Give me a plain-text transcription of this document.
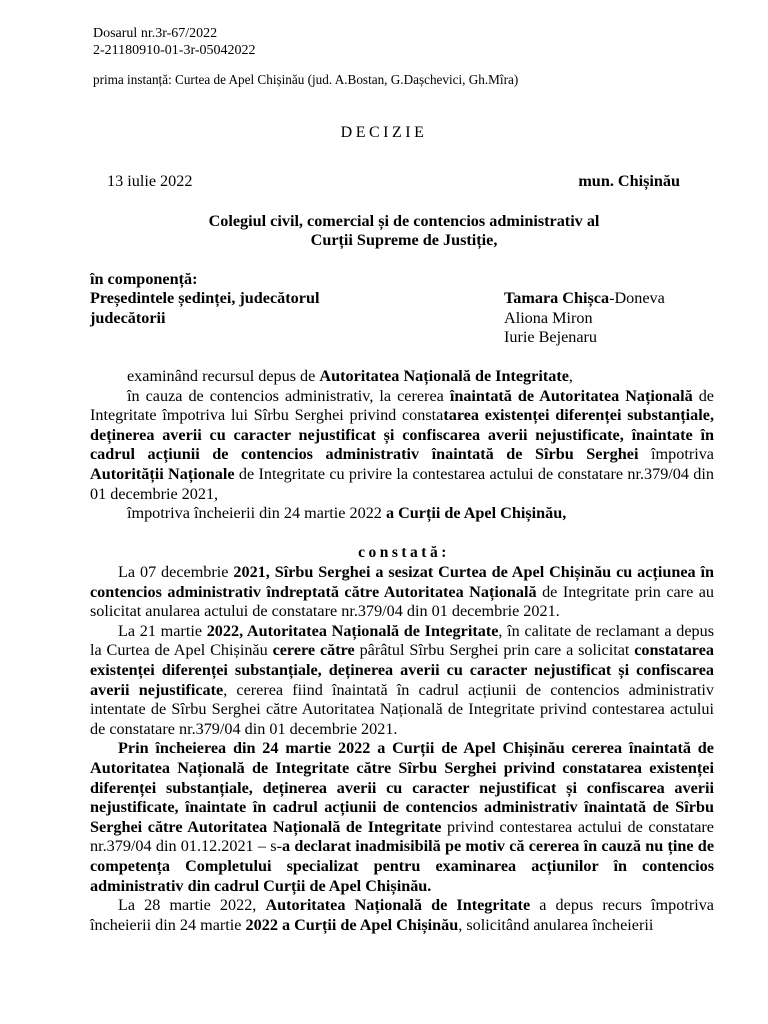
Dosarul nr.3r-67/2022
2-21180910-01-3r-05042022
prima instanță: Curtea de Apel Chișinău (jud. A.Bostan, G.Dașchevici, Gh.Mîra)
DECIZIE
13 iulie 2022	mun. Chișinău
Colegiul civil, comercial și de contencios administrativ al
Curții Supreme de Justiție,
în componență:
Președintele ședinței, judecătorul	Tamara Chișca-Doneva
judecătorii	Aliona Miron
Iurie Bejenaru

examinând recursul depus de Autoritatea Națională de Integritate,

în cauza de contencios administrativ, la cererea înaintată de Autoritatea Națională de Integritate împotriva lui Sîrbu Serghei privind constatarea existenței diferenței substanțiale, deținerea averii cu caracter nejustificat și confiscarea averii nejustificate, înaintate în cadrul acțiunii de contencios administrativ înaintată de Sîrbu Serghei împotriva Autorității Naționale de Integritate cu privire la contestarea actului de constatare nr.379/04 din 01 decembrie 2021,

împotriva încheierii din 24 martie 2022 a Curții de Apel Chișinău,

constată:

La 07 decembrie 2021, Sîrbu Serghei a sesizat Curtea de Apel Chișinău cu acțiunea în contencios administrativ îndreptată către Autoritatea Națională de Integritate prin care au solicitat anularea actului de constatare nr.379/04 din 01 decembrie 2021.

La 21 martie 2022, Autoritatea Națională de Integritate, în calitate de reclamant a depus la Curtea de Apel Chișinău cerere către pârâtul Sîrbu Serghei prin care a solicitat constatarea existenței diferenței substanțiale, deținerea averii cu caracter nejustificat și confiscarea averii nejustificate, cererea fiind înaintată în cadrul acțiunii de contencios administrativ intentate de Sîrbu Serghei către Autoritatea Națională de Integritate privind contestarea actului de constatare nr.379/04 din 01 decembrie 2021.

Prin încheierea din 24 martie 2022 a Curții de Apel Chișinău cererea înaintată de Autoritatea Națională de Integritate către Sîrbu Serghei privind constatarea existenței diferenței substanțiale, deținerea averii cu caracter nejustificat și confiscarea averii nejustificate, înaintate în cadrul acțiunii de contencios administrativ înaintată de Sîrbu Serghei către Autoritatea Națională de Integritate privind contestarea actului de constatare nr.379/04 din 01.12.2021 – s-a declarat inadmisibilă pe motiv că cererea în cauză nu ține de competența Completului specializat pentru examinarea acțiunilor în contencios administrativ din cadrul Curții de Apel Chișinău.

La 28 martie 2022, Autoritatea Națională de Integritate a depus recurs împotriva încheierii din 24 martie 2022 a Curții de Apel Chișinău, solicitând anularea încheierii
